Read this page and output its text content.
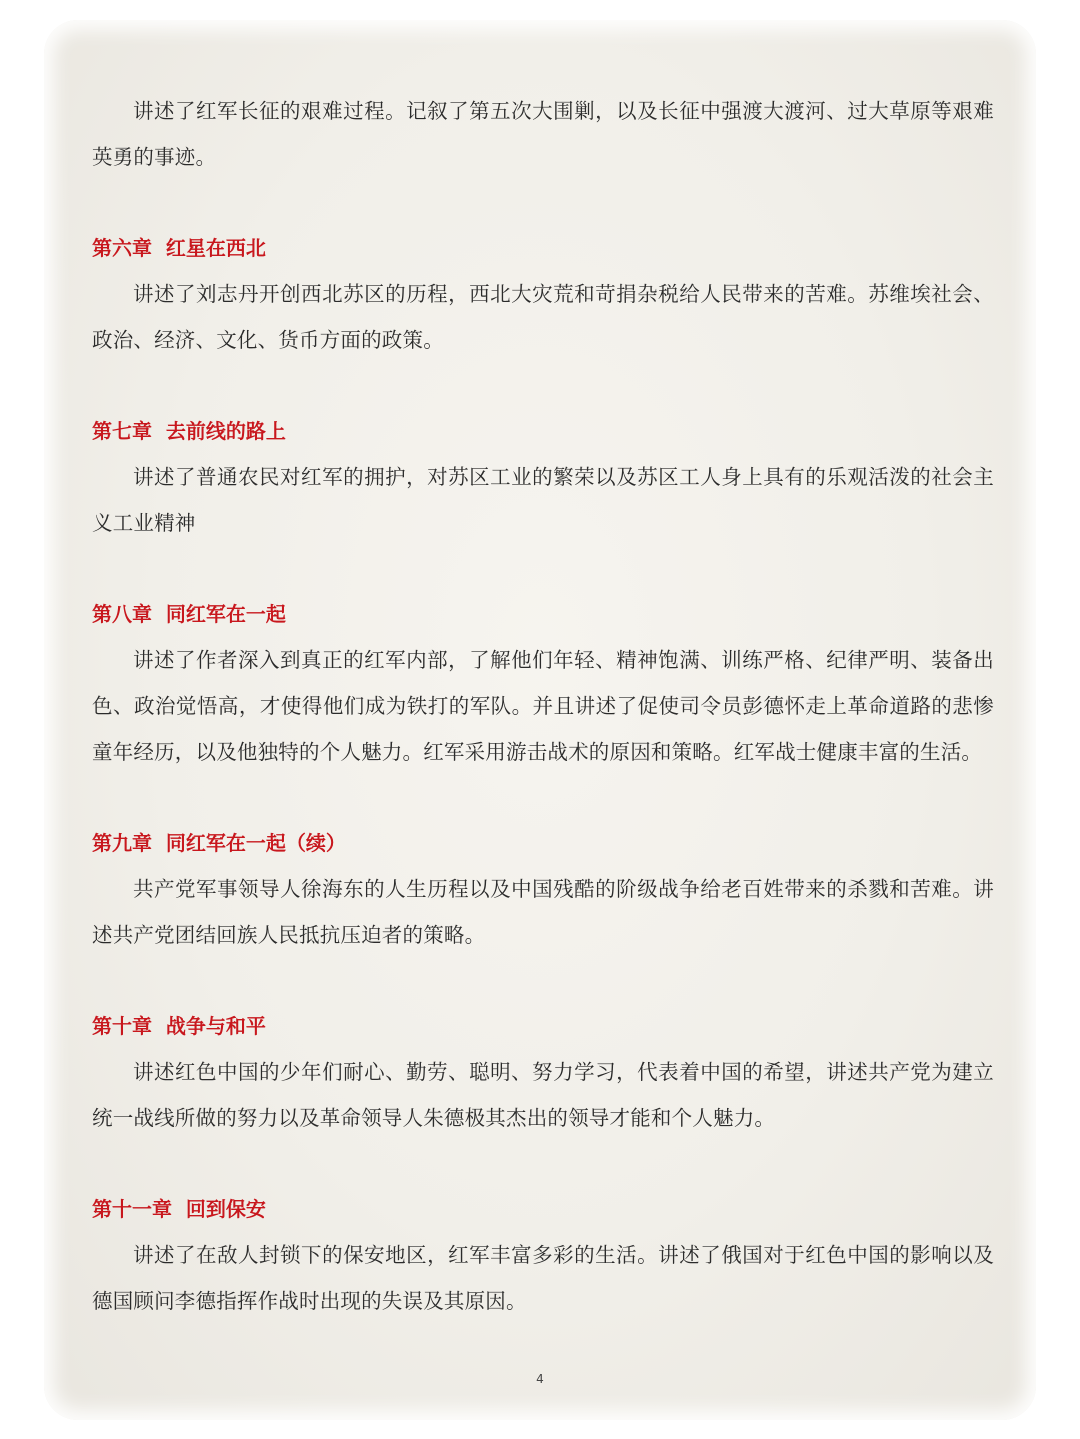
讲述了红军长征的艰难过程。记叙了第五次大围剿，以及长征中强渡大渡河、过大草原等艰难英勇的事迹。

第六章  红星在西北

讲述了刘志丹开创西北苏区的历程，西北大灾荒和苛捐杂税给人民带来的苦难。苏维埃社会、政治、经济、文化、货币方面的政策。

第七章  去前线的路上

讲述了普通农民对红军的拥护，对苏区工业的繁荣以及苏区工人身上具有的乐观活泼的社会主义工业精神

第八章  同红军在一起

讲述了作者深入到真正的红军内部，了解他们年轻、精神饱满、训练严格、纪律严明、装备出色、政治觉悟高，才使得他们成为铁打的军队。并且讲述了促使司令员彭德怀走上革命道路的悲惨童年经历，以及他独特的个人魅力。红军采用游击战术的原因和策略。红军战士健康丰富的生活。

第九章  同红军在一起（续）

共产党军事领导人徐海东的人生历程以及中国残酷的阶级战争给老百姓带来的杀戮和苦难。讲述共产党团结回族人民抵抗压迫者的策略。

第十章  战争与和平

讲述红色中国的少年们耐心、勤劳、聪明、努力学习，代表着中国的希望，讲述共产党为建立统一战线所做的努力以及革命领导人朱德极其杰出的领导才能和个人魅力。

第十一章  回到保安

讲述了在敌人封锁下的保安地区，红军丰富多彩的生活。讲述了俄国对于红色中国的影响以及德国顾问李德指挥作战时出现的失误及其原因。

4
